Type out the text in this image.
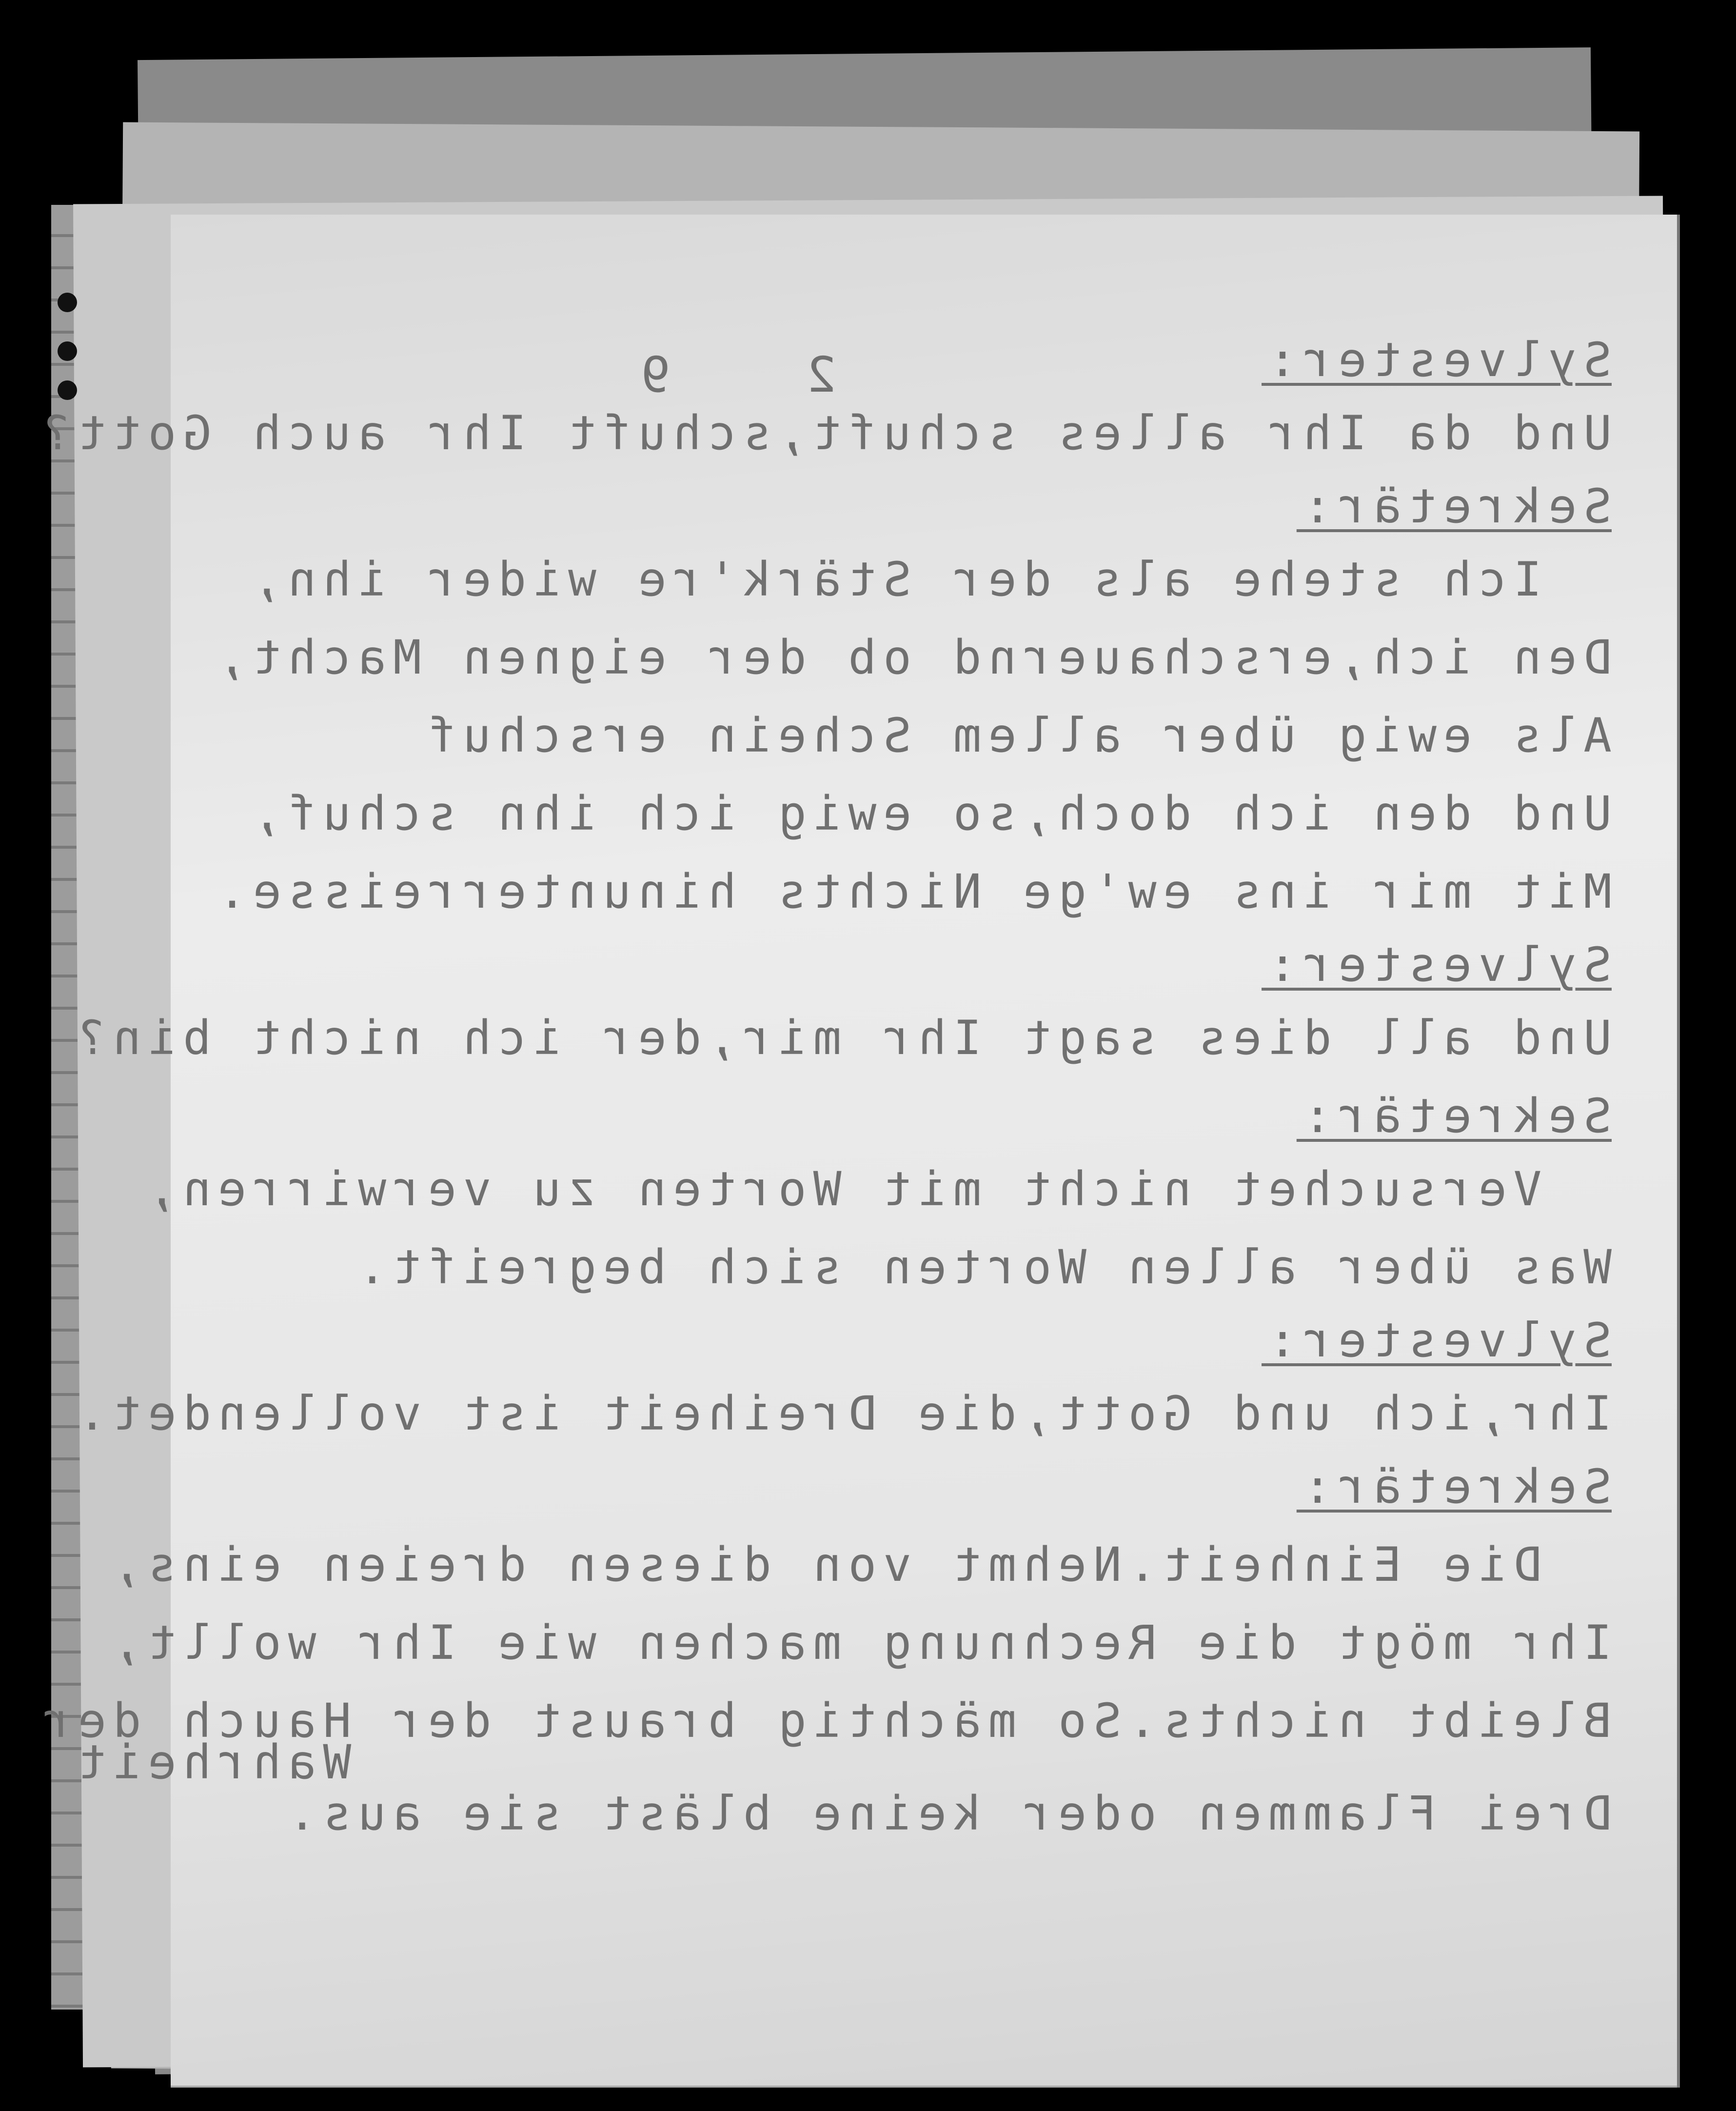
2 9	Sylvester:
Und da Ihr alles schuft,schuft Ihr auch Gott?
Sekretär:
Ich stehe als der Stärk're wider ihn,
Den ich,erschauernd ob der eignen Macht,
Als ewig über allem Schein erschuf
Und den ich doch,so ewig ich ihn schuf,
Mit mir ins ew'ge Nichts hinunterreisse.
Sylvester:
Und all dies sagt Ihr mir,der ich nicht bin?
Sekretär:
Versuchet nicht mit Worten zu verwirren,
Was über allen Worten sich begreift.
Sylvester:
Ihr,ich und Gott,die Dreiheit ist vollendet.
Sekretär:
Die Einheit.Nehmt von diesen dreien eins,
Ihr mögt die Rechnung machen wie Ihr wollt,
Bleibt nichts.So mächtig braust der Hauch der
Wahrheit
Drei Flammen oder keine bläst sie aus.
